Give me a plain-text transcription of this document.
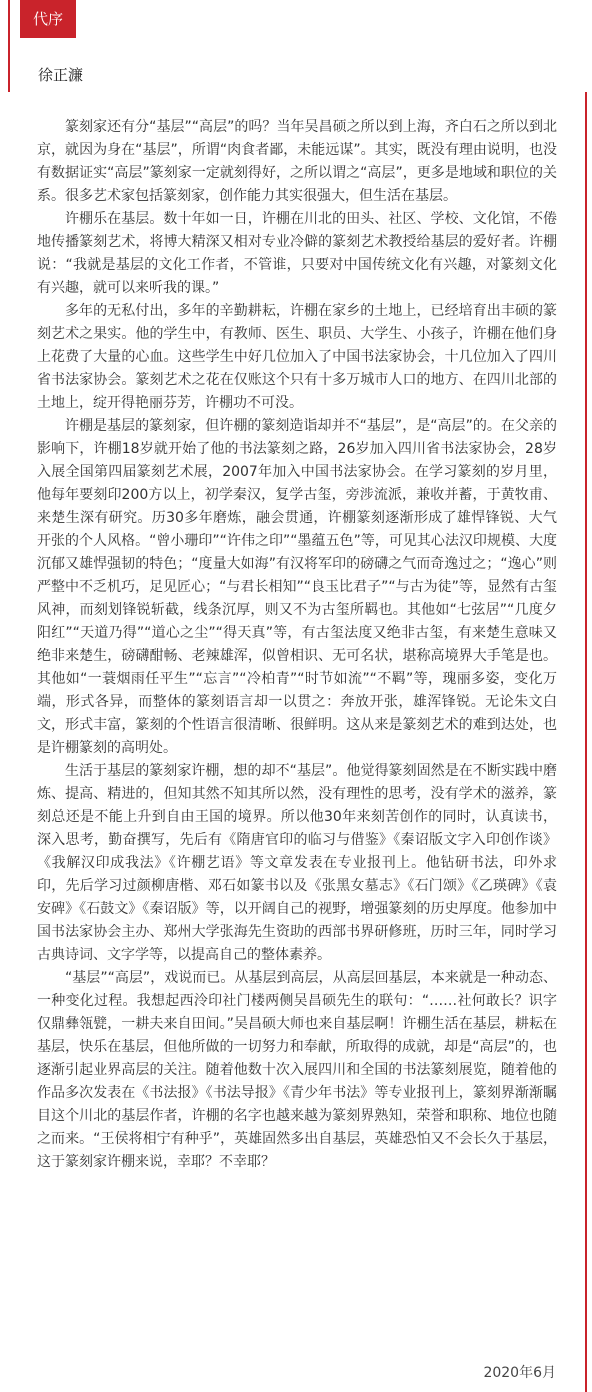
代序
徐正濂

篆刻家还有分“基层”“高层”的吗？当年吴昌硕之所以到上海，齐白石之所以到北京，就因为身在“基层”，所谓“肉食者鄙，未能远谋”。其实，既没有理由说明，也没有数据证实“高层”篆刻家一定就刻得好，之所以谓之“高层”，更多是地域和职位的关系。很多艺术家包括篆刻家，创作能力其实很强大，但生活在基层。

许棚乐在基层。数十年如一日，许棚在川北的田头、社区、学校、文化馆，不倦地传播篆刻艺术，将博大精深又相对专业冷僻的篆刻艺术教授给基层的爱好者。许棚说：“我就是基层的文化工作者，不管谁，只要对中国传统文化有兴趣，对篆刻文化有兴趣，就可以来听我的课。”

多年的无私付出，多年的辛勤耕耘，许棚在家乡的土地上，已经培育出丰硕的篆刻艺术之果实。他的学生中，有教师、医生、职员、大学生、小孩子，许棚在他们身上花费了大量的心血。这些学生中好几位加入了中国书法家协会，十几位加入了四川省书法家协会。篆刻艺术之花在仅账这个只有十多万城市人口的地方、在四川北部的土地上，绽开得艳丽芬芳，许棚功不可没。

许棚是基层的篆刻家，但许棚的篆刻造诣却并不“基层”，是“高层”的。在父亲的影响下，许棚18岁就开始了他的书法篆刻之路，26岁加入四川省书法家协会，28岁入展全国第四届篆刻艺术展，2007年加入中国书法家协会。在学习篆刻的岁月里，他每年要刻印200方以上，初学秦汉，复学古玺，旁涉流派，兼收并蓄，于黄牧甫、来楚生深有研究。历30多年磨炼，融会贯通，许棚篆刻逐渐形成了雄悍锋锐、大气开张的个人风格。“曾小珊印”“许伟之印”“墨蕴五色”等，可见其心法汉印规模、大度沉郁又雄悍强韧的特色；“度量大如海”有汉将军印的磅礴之气而奇逸过之；“逸心”则严整中不乏机巧，足见匠心；“与君长相知”“良玉比君子”“与古为徒”等，显然有古玺风神，而刻划锋锐斩截，线条沉厚，则又不为古玺所羁也。其他如“七弦居”“几度夕阳红”“天道乃得”“道心之尘”“得天真”等，有古玺法度又绝非古玺，有来楚生意味又绝非来楚生，磅礴酣畅、老辣雄浑，似曾相识、无可名状，堪称高境界大手笔是也。其他如“一蓑烟雨任平生”“忘言”“冷柏青”“时节如流”“不羁”等，瑰丽多姿，变化万端，形式各异，而整体的篆刻语言却一以贯之：奔放开张，雄浑锋锐。无论朱文白文，形式丰富，篆刻的个性语言很清晰、很鲜明。这从来是篆刻艺术的难到达处，也是许棚篆刻的高明处。

生活于基层的篆刻家许棚，想的却不“基层”。他觉得篆刻固然是在不断实践中磨炼、提高、精进的，但知其然不知其所以然，没有理性的思考，没有学术的滋养，篆刻总还是不能上升到自由王国的境界。所以他30年来刻苦创作的同时，认真读书，深入思考，勤奋撰写，先后有《隋唐官印的临习与借鉴》《秦诏版文字入印创作谈》《我解汉印成我法》《许棚艺语》等文章发表在专业报刊上。他钻研书法，印外求印，先后学习过颜柳唐楷、邓石如篆书以及《张黑女墓志》《石门颂》《乙瑛碑》《袁安碑》《石鼓文》《秦诏版》等，以开阔自己的视野，增强篆刻的历史厚度。他参加中国书法家协会主办、郑州大学张海先生资助的西部书界研修班，历时三年，同时学习古典诗词、文字学等，以提高自己的整体素养。

“基层”“高层”，戏说而已。从基层到高层，从高层回基层，本来就是一种动态、一种变化过程。我想起西泠印社门楼两侧吴昌硕先生的联句：“……社何敢长？识字仅鼎彝瓴甓，一耕夫来自田间。”吴昌硕大师也来自基层啊！许棚生活在基层，耕耘在基层，快乐在基层，但他所做的一切努力和奉献，所取得的成就，却是“高层”的，也逐渐引起业界高层的关注。随着他数十次入展四川和全国的书法篆刻展览，随着他的作品多次发表在《书法报》《书法导报》《青少年书法》等专业报刊上，篆刻界渐渐瞩目这个川北的基层作者，许棚的名字也越来越为篆刻界熟知，荣誉和职称、地位也随之而来。“王侯将相宁有种乎”，英雄固然多出自基层，英雄恐怕又不会长久于基层，这于篆刻家许棚来说，幸耶？不幸耶？

2020年6月
